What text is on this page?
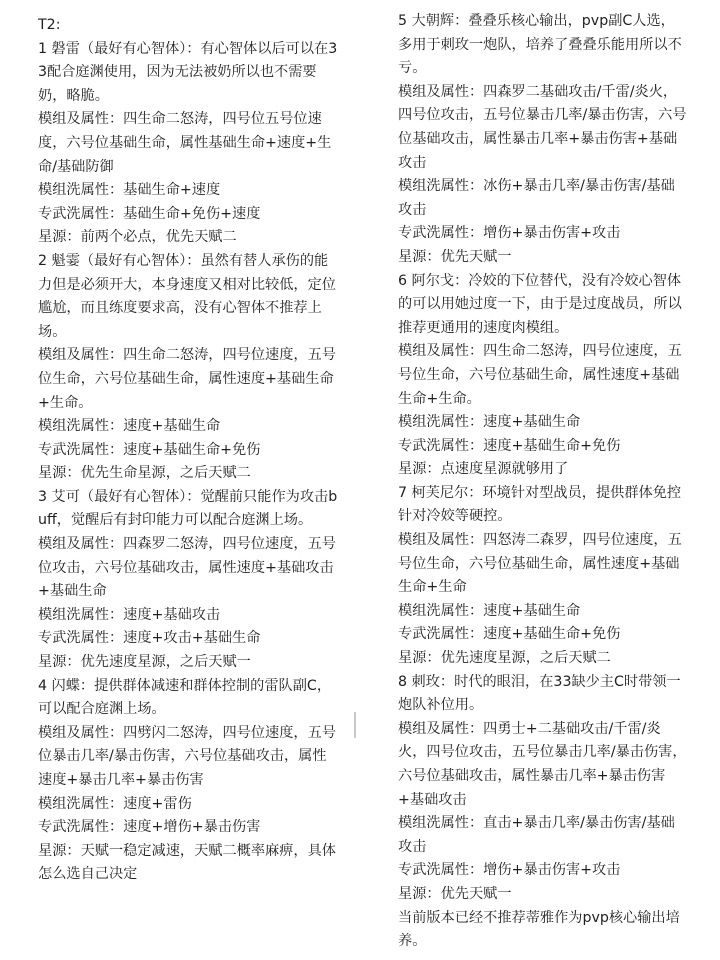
T2:

1 磐雷（最好有心智体）：有心智体以后可以在33配合庭渊使用，因为无法被奶所以也不需要奶，略脆。

模组及属性：四生命二怒涛，四号位五号位速度，六号位基础生命，属性基础生命+速度+生命/基础防御

模组洗属性：基础生命+速度

专武洗属性：基础生命+免伤+速度

星源：前两个必点，优先天赋二

2 魁霎（最好有心智体）：虽然有替人承伤的能力但是必须开大，本身速度又相对比较低，定位尴尬，而且练度要求高，没有心智体不推荐上场。

模组及属性：四生命二怒涛，四号位速度，五号位生命，六号位基础生命，属性速度+基础生命+生命。

模组洗属性：速度+基础生命

专武洗属性：速度+基础生命+免伤

星源：优先生命星源，之后天赋二

3 艾可（最好有心智体）：觉醒前只能作为攻击buff，觉醒后有封印能力可以配合庭渊上场。

模组及属性：四森罗二怒涛，四号位速度，五号位攻击，六号位基础攻击，属性速度+基础攻击+基础生命

模组洗属性：速度+基础攻击

专武洗属性：速度+攻击+基础生命

星源：优先速度星源，之后天赋一

4 闪蝶：提供群体减速和群体控制的雷队副C，可以配合庭渊上场。

模组及属性：四劈闪二怒涛，四号位速度，五号位暴击几率/暴击伤害，六号位基础攻击，属性速度+暴击几率+暴击伤害

模组洗属性：速度+雷伤

专武洗属性：速度+增伤+暴击伤害

星源：天赋一稳定减速，天赋二概率麻痹，具体怎么选自己决定

5 大朝辉：叠叠乐核心输出，pvp副C人选，多用于刺玫一炮队，培养了叠叠乐能用所以不亏。

模组及属性：四森罗二基础攻击/千雷/炎火，四号位攻击，五号位暴击几率/暴击伤害，六号位基础攻击，属性暴击几率+暴击伤害+基础攻击

模组洗属性：冰伤+暴击几率/暴击伤害/基础攻击

专武洗属性：增伤+暴击伤害+攻击

星源：优先天赋一

6 阿尔戈：冷姣的下位替代，没有冷姣心智体的可以用她过度一下，由于是过度战员，所以推荐更通用的速度肉模组。

模组及属性：四生命二怒涛，四号位速度，五号位生命，六号位基础生命，属性速度+基础生命+生命。

模组洗属性：速度+基础生命

专武洗属性：速度+基础生命+免伤

星源：点速度星源就够用了

7 柯芙尼尔：环境针对型战员，提供群体免控针对冷姣等硬控。

模组及属性：四怒涛二森罗，四号位速度，五号位生命，六号位基础生命，属性速度+基础生命+生命

模组洗属性：速度+基础生命

专武洗属性：速度+基础生命+免伤

星源：优先速度星源，之后天赋二

8 刺玫：时代的眼泪，在33缺少主C时带领一炮队补位用。

模组及属性：四勇士+二基础攻击/千雷/炎火，四号位攻击，五号位暴击几率/暴击伤害，六号位基础攻击，属性暴击几率+暴击伤害+基础攻击

模组洗属性：直击+暴击几率/暴击伤害/基础攻击

专武洗属性：增伤+暴击伤害+攻击

星源：优先天赋一

当前版本已经不推荐蒂雅作为pvp核心输出培养。
